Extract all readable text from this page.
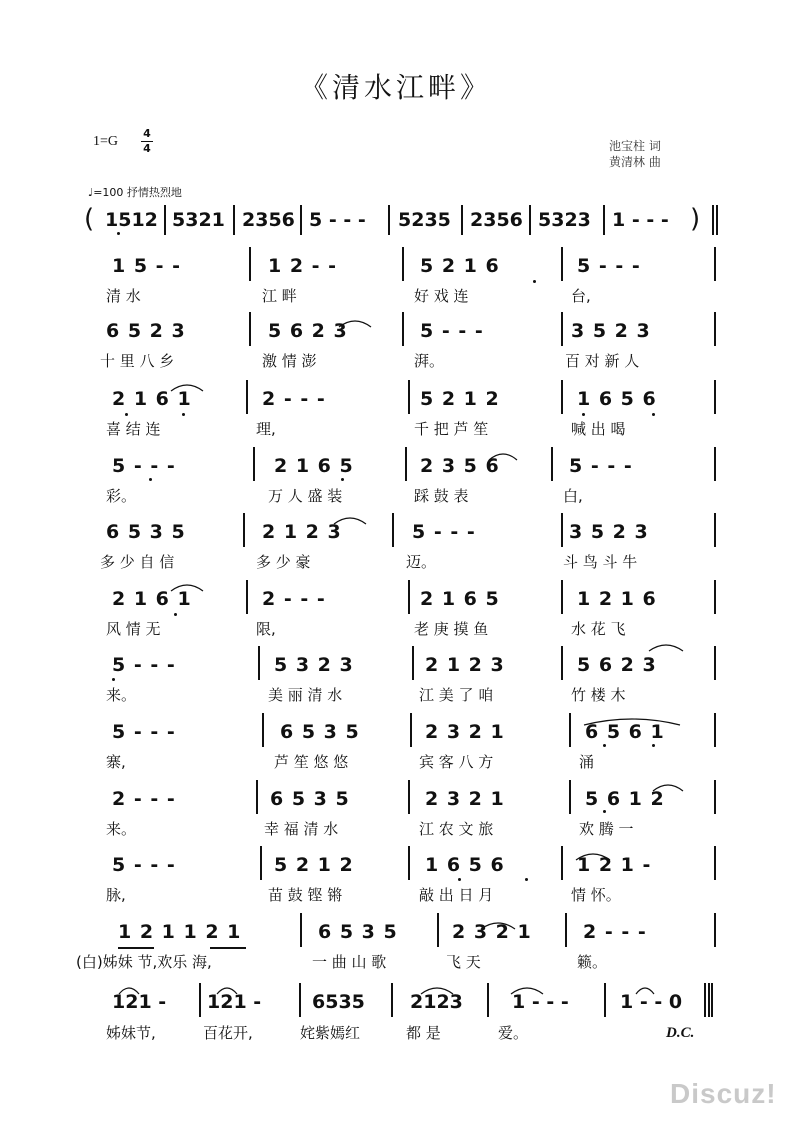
《清水江畔》
1=G
4
4	池宝柱 词
黄清林 曲
♩=100 抒情热烈地
(	)
1512 5321 2356 5 - - - 5235 2356 5323 1 - - -
1 5 - -
清 水
1 2 - -
江 畔
5 2 1 6
好 戏 连
5 - - -
台,
6 5 2 3
十 里 八 乡
5 6 2 3
激 情 澎
5 - - -
湃。
3 5 2 3
百 对 新 人
2 1 6 1
喜 结 连
2 - - -
理,
5 2 1 2
千 把 芦 笙
1 6 5 6
喊 出 喝
5 - - -
彩。
2 1 6 5
万 人 盛 装
2 3 5 6
踩 鼓 表
5 - - -
白,
6 5 3 5
多 少 自 信
2 1 2 3
多 少 豪
5 - - -
迈。
3 5 2 3
斗 鸟 斗 牛
2 1 6 1
风 情 无
2 - - -
限,
2 1 6 5
老 庚 摸 鱼
1 2 1 6
水 花 飞
5 - - -
来。
5 3 2 3
美 丽 清 水
2 1 2 3
江 美 了 咱
5 6 2 3
竹 楼 木
5 - - -
寨,
6 5 3 5
芦 笙 悠 悠
2 3 2 1
宾 客 八 方
6 5 6 1
涌
2 - - -
来。
6 5 3 5
幸 福 清 水
2 3 2 1
江 农 文 旅
5 6 1 2
欢 腾 一
5 - - -
脉,
5 2 1 2
苗 鼓 铿 锵
1 6 5 6
敲 出 日 月
1 2 1 -
情 怀。
1 2 1 1 2 1
(白)姊妹 节,欢乐 海,
6 5 3 5
一 曲 山 歌
2 3 2 1
飞 天
2 - - -
籁。
121 - 121 -	6535 2123	1 - - -	1 - - 0
姊妹节,	百花开,	姹紫嫣红	都 是	爱。	D.C.
Discuz!
